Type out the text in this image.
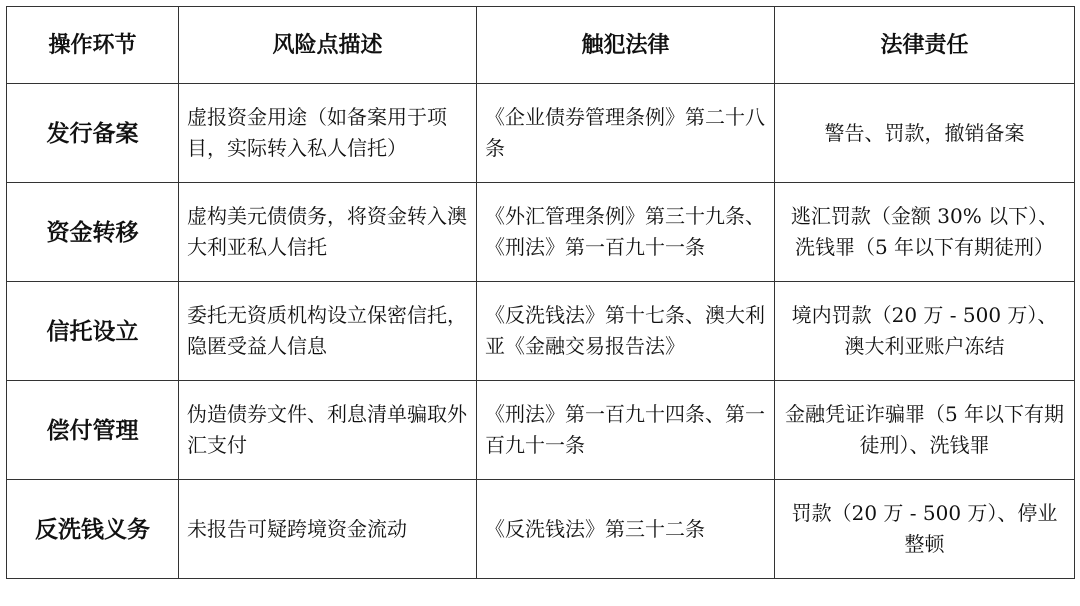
操作环节	风险点描述	触犯法律	法律责任
发行备案	虚报资金用途（如备案用于项目，实际转入私人信托）	《企业债券管理条例》第二十八条	警告、罚款，撤销备案
资金转移	虚构美元债债务，将资金转入澳大利亚私人信托	《外汇管理条例》第三十九条、《刑法》第一百九十一条	逃汇罚款（金额 30% 以下）、洗钱罪（5 年以下有期徒刑）
信托设立	委托无资质机构设立保密信托，隐匿受益人信息	《反洗钱法》第十七条、澳大利亚《金融交易报告法》	境内罚款（20 万 - 500 万）、澳大利亚账户冻结
偿付管理	伪造债券文件、利息清单骗取外汇支付	《刑法》第一百九十四条、第一百九十一条	金融凭证诈骗罪（5 年以下有期徒刑）、洗钱罪
反洗钱义务	未报告可疑跨境资金流动	《反洗钱法》第三十二条	罚款（20 万 - 500 万）、停业整顿
